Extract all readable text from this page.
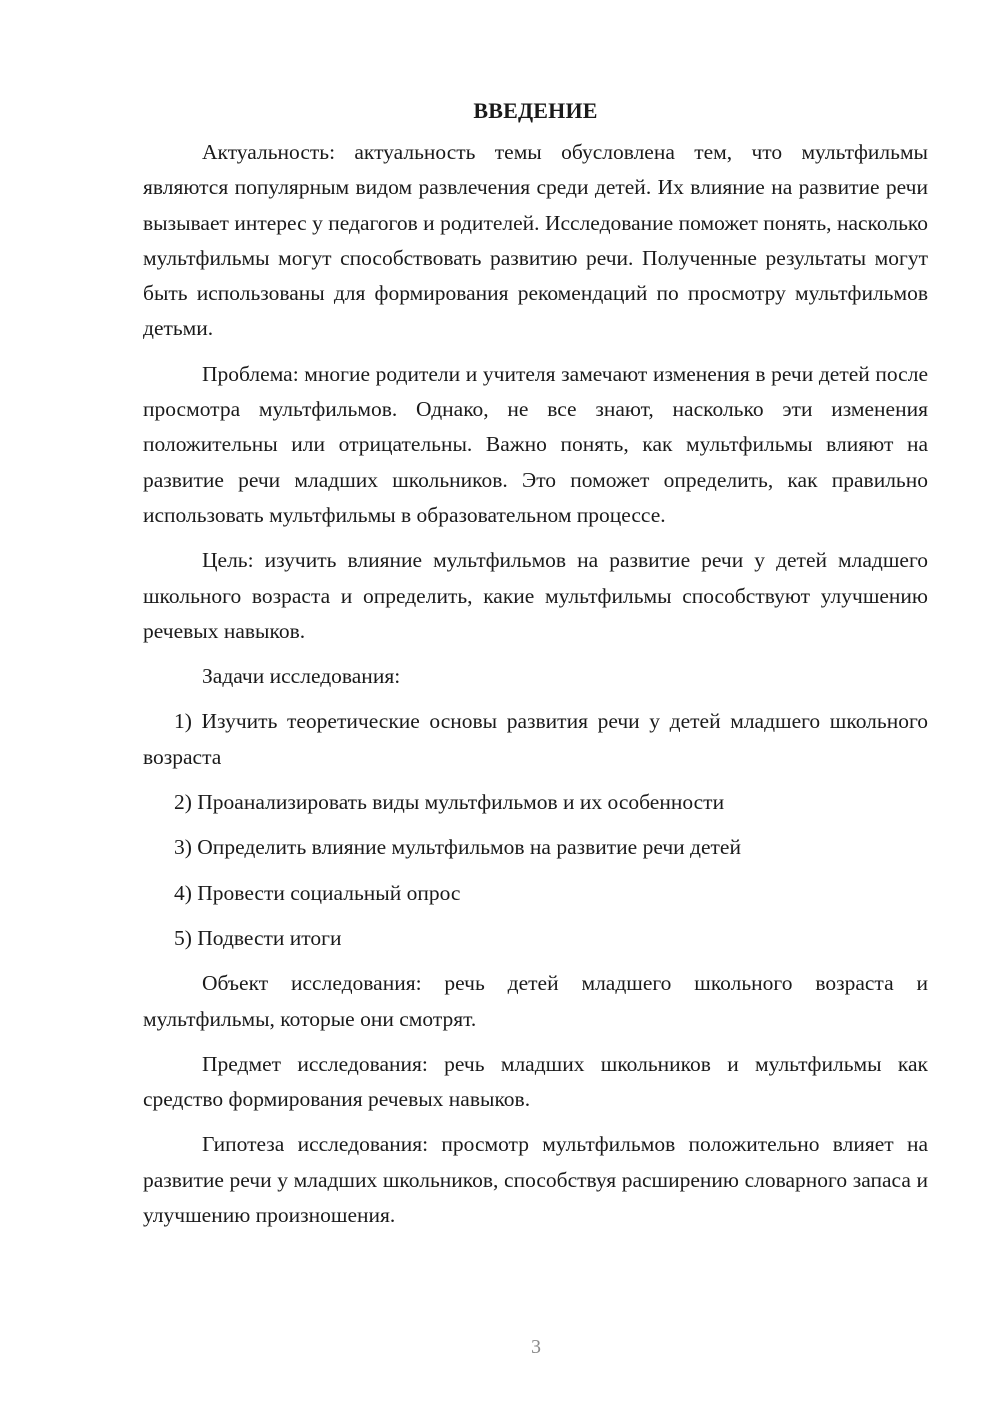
ВВЕДЕНИЕ

Актуальность: актуальность темы обусловлена тем, что мультфильмы являются популярным видом развлечения среди детей. Их влияние на развитие речи вызывает интерес у педагогов и родителей. Исследование поможет понять, насколько мультфильмы могут способствовать развитию речи. Полученные результаты могут быть использованы для формирования рекомендаций по просмотру мультфильмов детьми.

Проблема: многие родители и учителя замечают изменения в речи детей после просмотра мультфильмов. Однако, не все знают, насколько эти изменения положительны или отрицательны. Важно понять, как мультфильмы влияют на развитие речи младших школьников. Это поможет определить, как правильно использовать мультфильмы в образовательном процессе.

Цель: изучить влияние мультфильмов на развитие речи у детей младшего школьного возраста и определить, какие мультфильмы способствуют улучшению речевых навыков.

Задачи исследования:

1) Изучить теоретические основы развития речи у детей младшего школьного возраста

2) Проанализировать виды мультфильмов и их особенности

3) Определить влияние мультфильмов на развитие речи детей

4) Провести социальный опрос

5) Подвести итоги

Объект исследования: речь детей младшего школьного возраста и мультфильмы, которые они смотрят.

Предмет исследования: речь младших школьников и мультфильмы как средство формирования речевых навыков.

Гипотеза исследования: просмотр мультфильмов положительно влияет на развитие речи у младших школьников, способствуя расширению словарного запаса и улучшению произношения.

3
